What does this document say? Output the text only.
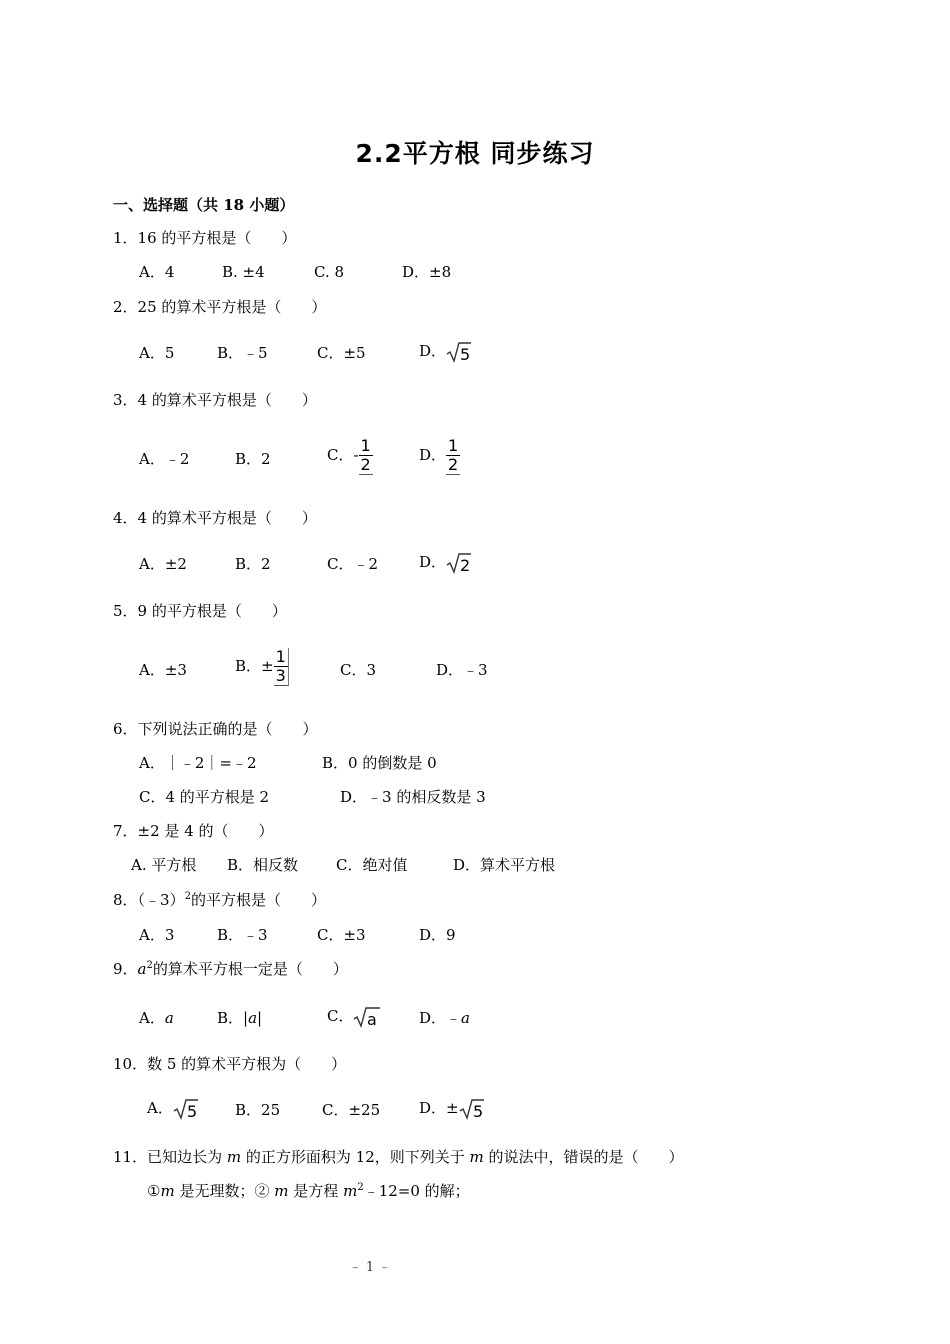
2.2平方根 同步练习
一、选择题（共 18 小题）
1．16 的平方根是（　　）
A．4	B. ±4	C. 8	D．±8
2．25 的算术平方根是（　　）
A．5	B．﹣5	C．±5	D． 5
3．4 的算术平方根是（　　）
A．﹣2	B．2	C．- $\frac{1}{2}$	D． $\frac{1}{2}$
4．4 的算术平方根是（　　）
A．±2	B．2	C．﹣2	D． 2
5．9 的平方根是（　　）
A．±3	B．± $\frac{1}{3}$	C．3	D．﹣3
6．下列说法正确的是（　　）
A．｜﹣2｜=﹣2	B．0 的倒数是 0
C．4 的平方根是 2	D．﹣3 的相反数是 3
7．±2 是 4 的（　　）
A. 平方根 B．相反数	C．绝对值	D．算术平方根
8．（﹣3）$^2$的平方根是（　　）
A．3	B．﹣3	C．±3	D．9
9．$a^2$的算术平方根一定是（　　）
A．a	B．|a|	C． a	D．﹣a
10．数 5 的算术平方根为（　　）
A． 5	B．25	C．±25	D．± 5
11．已知边长为 m 的正方形面积为 12，则下列关于 m 的说法中，错误的是（　　）
①m 是无理数；② m 是方程 $m^2﹣12=0$ 的解；
﹣ 1 ﹣
